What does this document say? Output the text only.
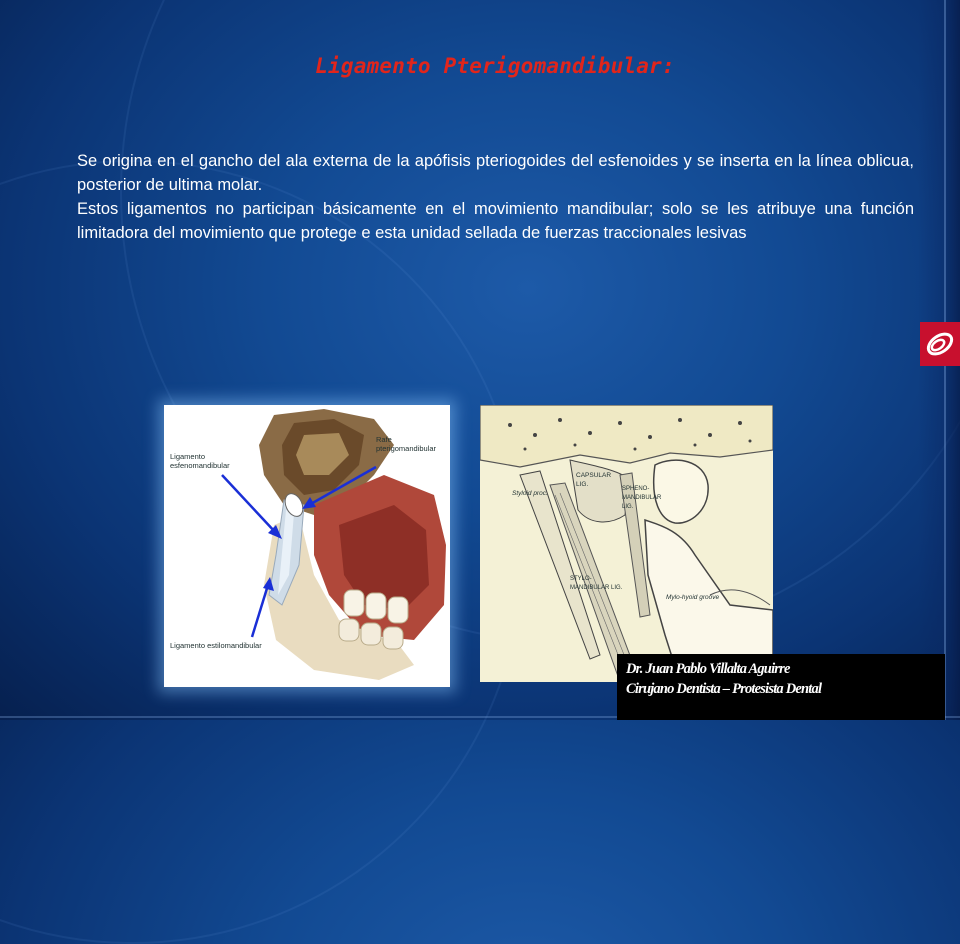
Ligamento Pterigomandibular:

Se origina en el gancho del ala externa de la apófisis pteriogoides del esfenoides y se inserta en la línea oblicua, posterior de ultima molar.

Estos ligamentos no participan básicamente en el movimiento mandibular; solo se les atribuye una función limitadora del movimiento que protege e esta unidad sellada de fuerzas traccionales lesivas

Ligamento esfenomandibular
Rafe pterigomandibular
Ligamento estilomandibular
CAPSULAR LIG.
SPHENO-MANDIBULAR LIG.
Styloid proc.
STYLO-MANDIBULAR LIG.
Mylo-hyoid groove
Dr. Juan Pablo Villalta Aguirre
Cirujano Dentista – Protesista Dental
